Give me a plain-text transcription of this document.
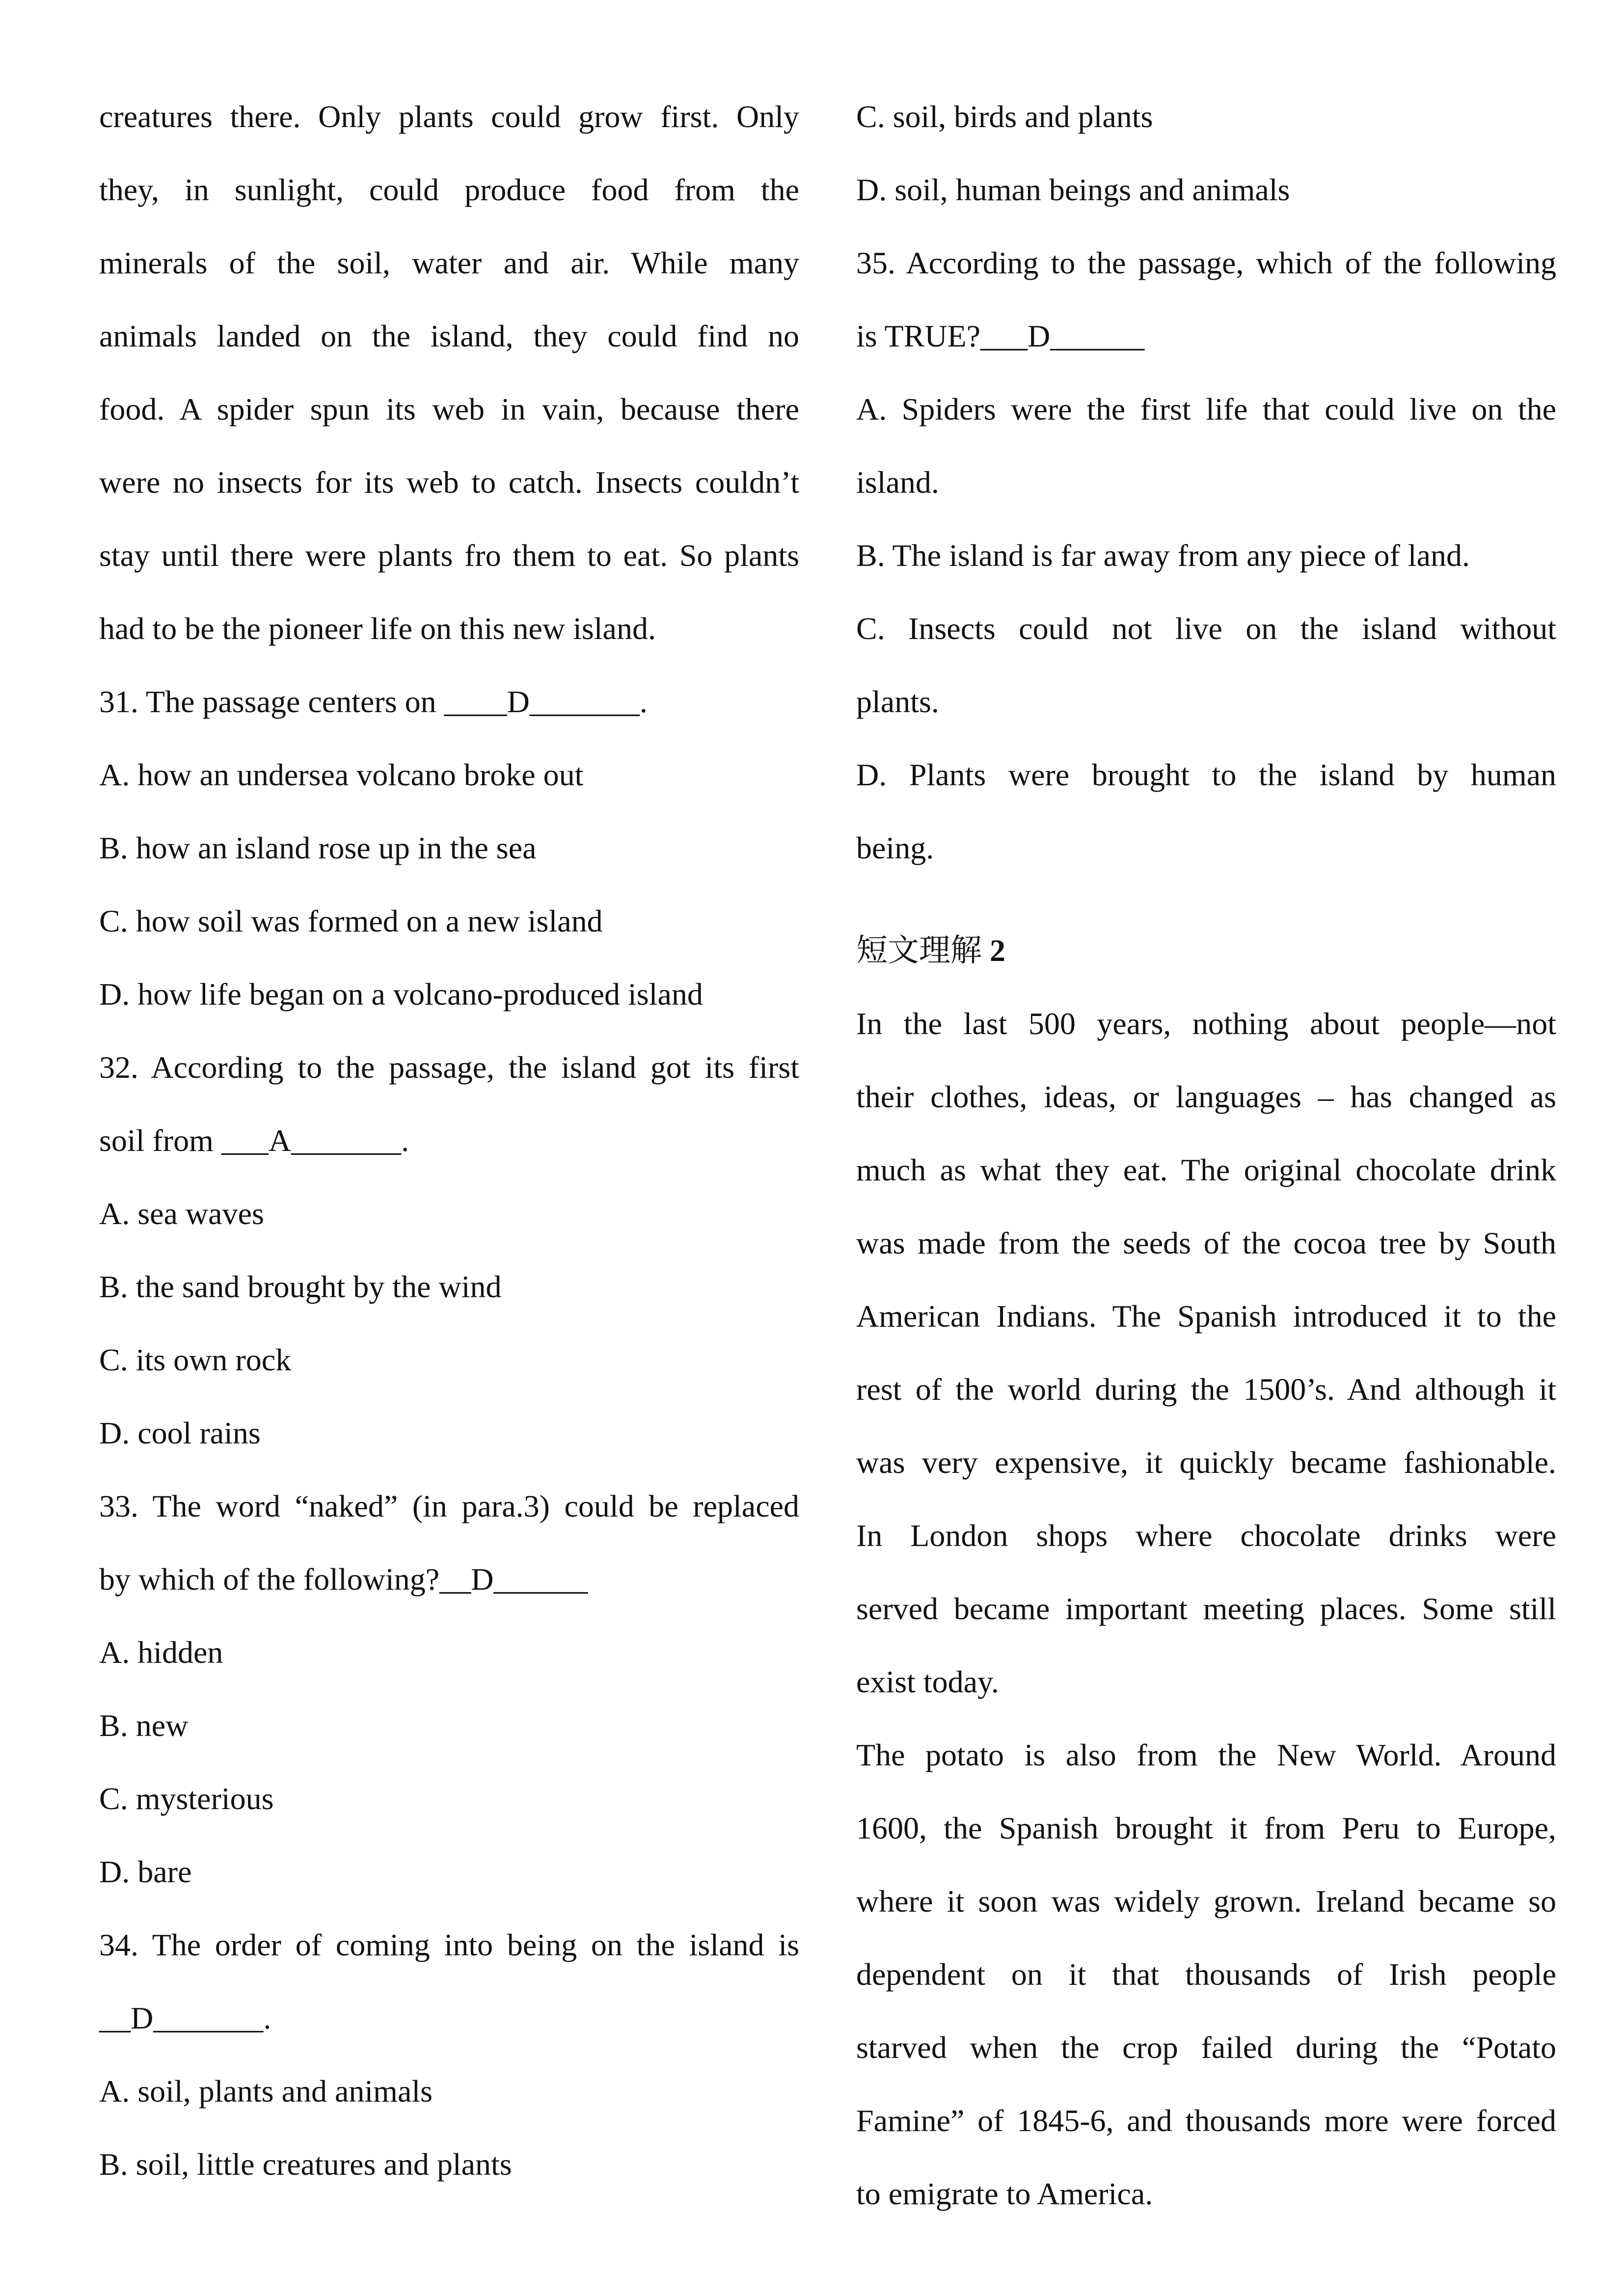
creatures there. Only plants could grow first. Only
they, in sunlight, could produce food from the
minerals of the soil, water and air. While many
animals landed on the island, they could find no
food. A spider spun its web in vain, because there
were no insects for its web to catch. Insects couldn’t
stay until there were plants fro them to eat. So plants
had to be the pioneer life on this new island.
31. The passage centers on ____D_______.
A. how an undersea volcano broke out
B. how an island rose up in the sea
C. how soil was formed on a new island
D. how life began on a volcano-produced island
32. According to the passage, the island got its first
soil from ___A_______.
A. sea waves
B. the sand brought by the wind
C. its own rock
D. cool rains
33. The word “naked” (in para.3) could be replaced
by which of the following?__D______
A. hidden
B. new
C. mysterious
D. bare
34. The order of coming into being on the island is
__D_______.
A. soil, plants and animals
B. soil, little creatures and plants
C. soil, birds and plants
D. soil, human beings and animals
35. According to the passage, which of the following
is TRUE?___D______
A. Spiders were the first life that could live on the
island.
B. The island is far away from any piece of land.
C. Insects could not live on the island without
plants.
D. Plants were brought to the island by human
being.
短文理解 2
In the last 500 years, nothing about people—not
their clothes, ideas, or languages – has changed as
much as what they eat. The original chocolate drink
was made from the seeds of the cocoa tree by South
American Indians. The Spanish introduced it to the
rest of the world during the 1500’s. And although it
was very expensive, it quickly became fashionable.
In London shops where chocolate drinks were
served became important meeting places. Some still
exist today.
The potato is also from the New World. Around
1600, the Spanish brought it from Peru to Europe,
where it soon was widely grown. Ireland became so
dependent on it that thousands of Irish people
starved when the crop failed during the “Potato
Famine” of 1845-6, and thousands more were forced
to emigrate to America.
